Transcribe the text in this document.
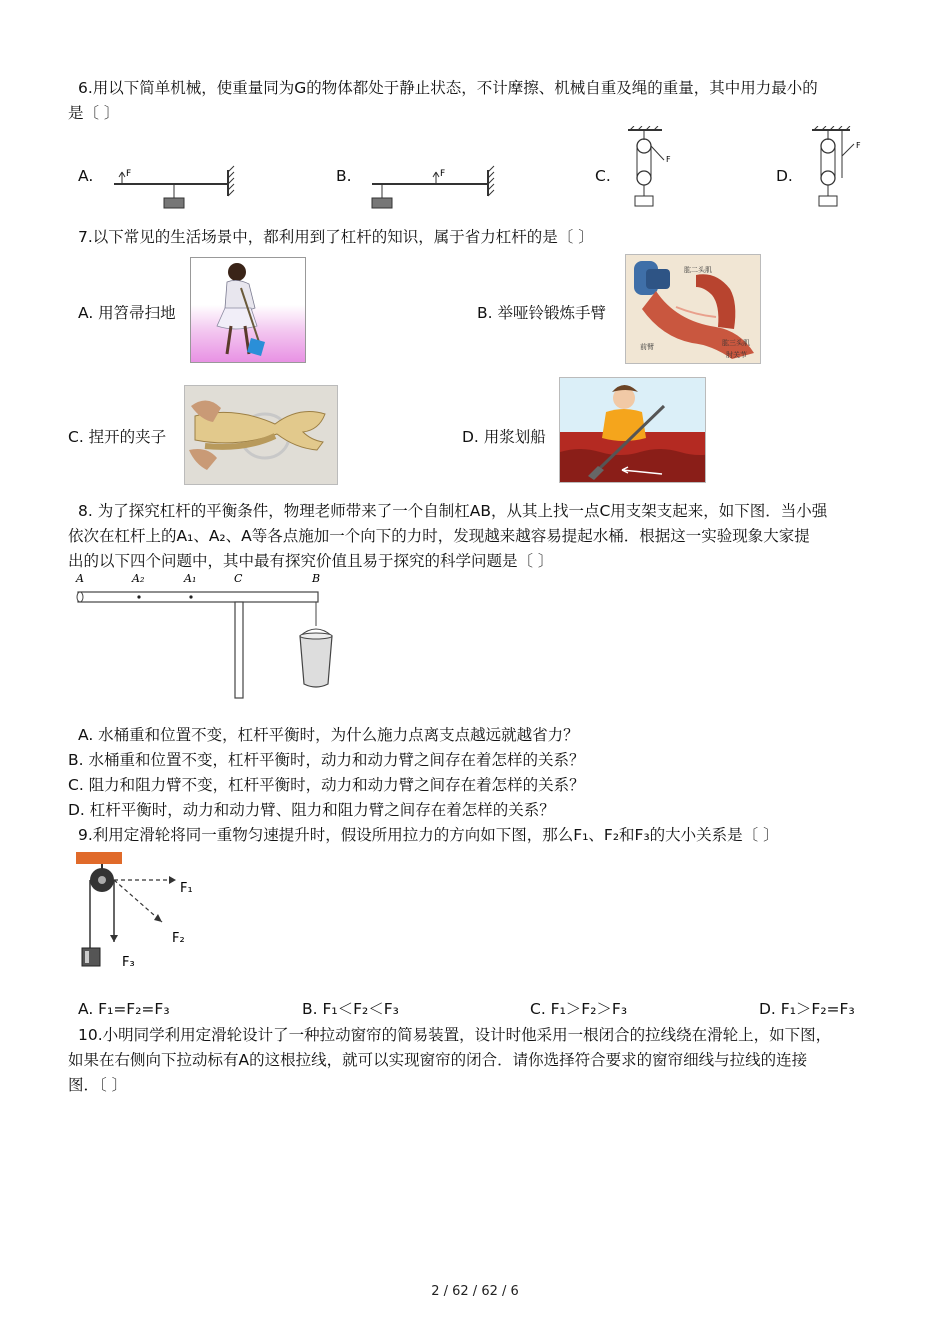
6.用以下简单机械，使重量同为G的物体都处于静止状态，不计摩擦、机械自重及绳的重量，其中用力最小的
是〔 〕
A.	F	B.	F	C.
F
D.
F
7.以下常见的生活场景中，都利用到了杠杆的知识，属于省力杠杆的是〔 〕
A. 用笤帚扫地	B. 举哑铃锻炼手臂
肱二头肌
肱三头肌
前臂
肘关节
C. 捏开的夹子	D. 用浆划船
8. 为了探究杠杆的平衡条件，物理老师带来了一个自制杠AB，从其上找一点C用支架支起来，如下图．当小强
依次在杠杆上的A₁、A₂、A等各点施加一个向下的力时，发现越来越容易提起水桶．根据这一实验现象大家提
出的以下四个问题中，其中最有探究价值且易于探究的科学问题是〔 〕
A	A₂	A₁	C	B
A. 水桶重和位置不变，杠杆平衡时，为什么施力点离支点越远就越省力？
B. 水桶重和位置不变，杠杆平衡时，动力和动力臂之间存在着怎样的关系？
C. 阻力和阻力臂不变，杠杆平衡时，动力和动力臂之间存在着怎样的关系？
D. 杠杆平衡时，动力和动力臂、阻力和阻力臂之间存在着怎样的关系？
9.利用定滑轮将同一重物匀速提升时，假设所用拉力的方向如下图，那么F₁、F₂和F₃的大小关系是〔 〕
F₁
F₂
F₃
A. F₁=F₂=F₃	B. F₁＜F₂＜F₃	C. F₁＞F₂＞F₃	D. F₁＞F₂=F₃
10.小明同学利用定滑轮设计了一种拉动窗帘的简易装置，设计时他采用一根闭合的拉线绕在滑轮上，如下图，
如果在右侧向下拉动标有A的这根拉线，就可以实现窗帘的闭合．请你选择符合要求的窗帘细线与拉线的连接
图．〔 〕
2 / 62 / 62 / 6
